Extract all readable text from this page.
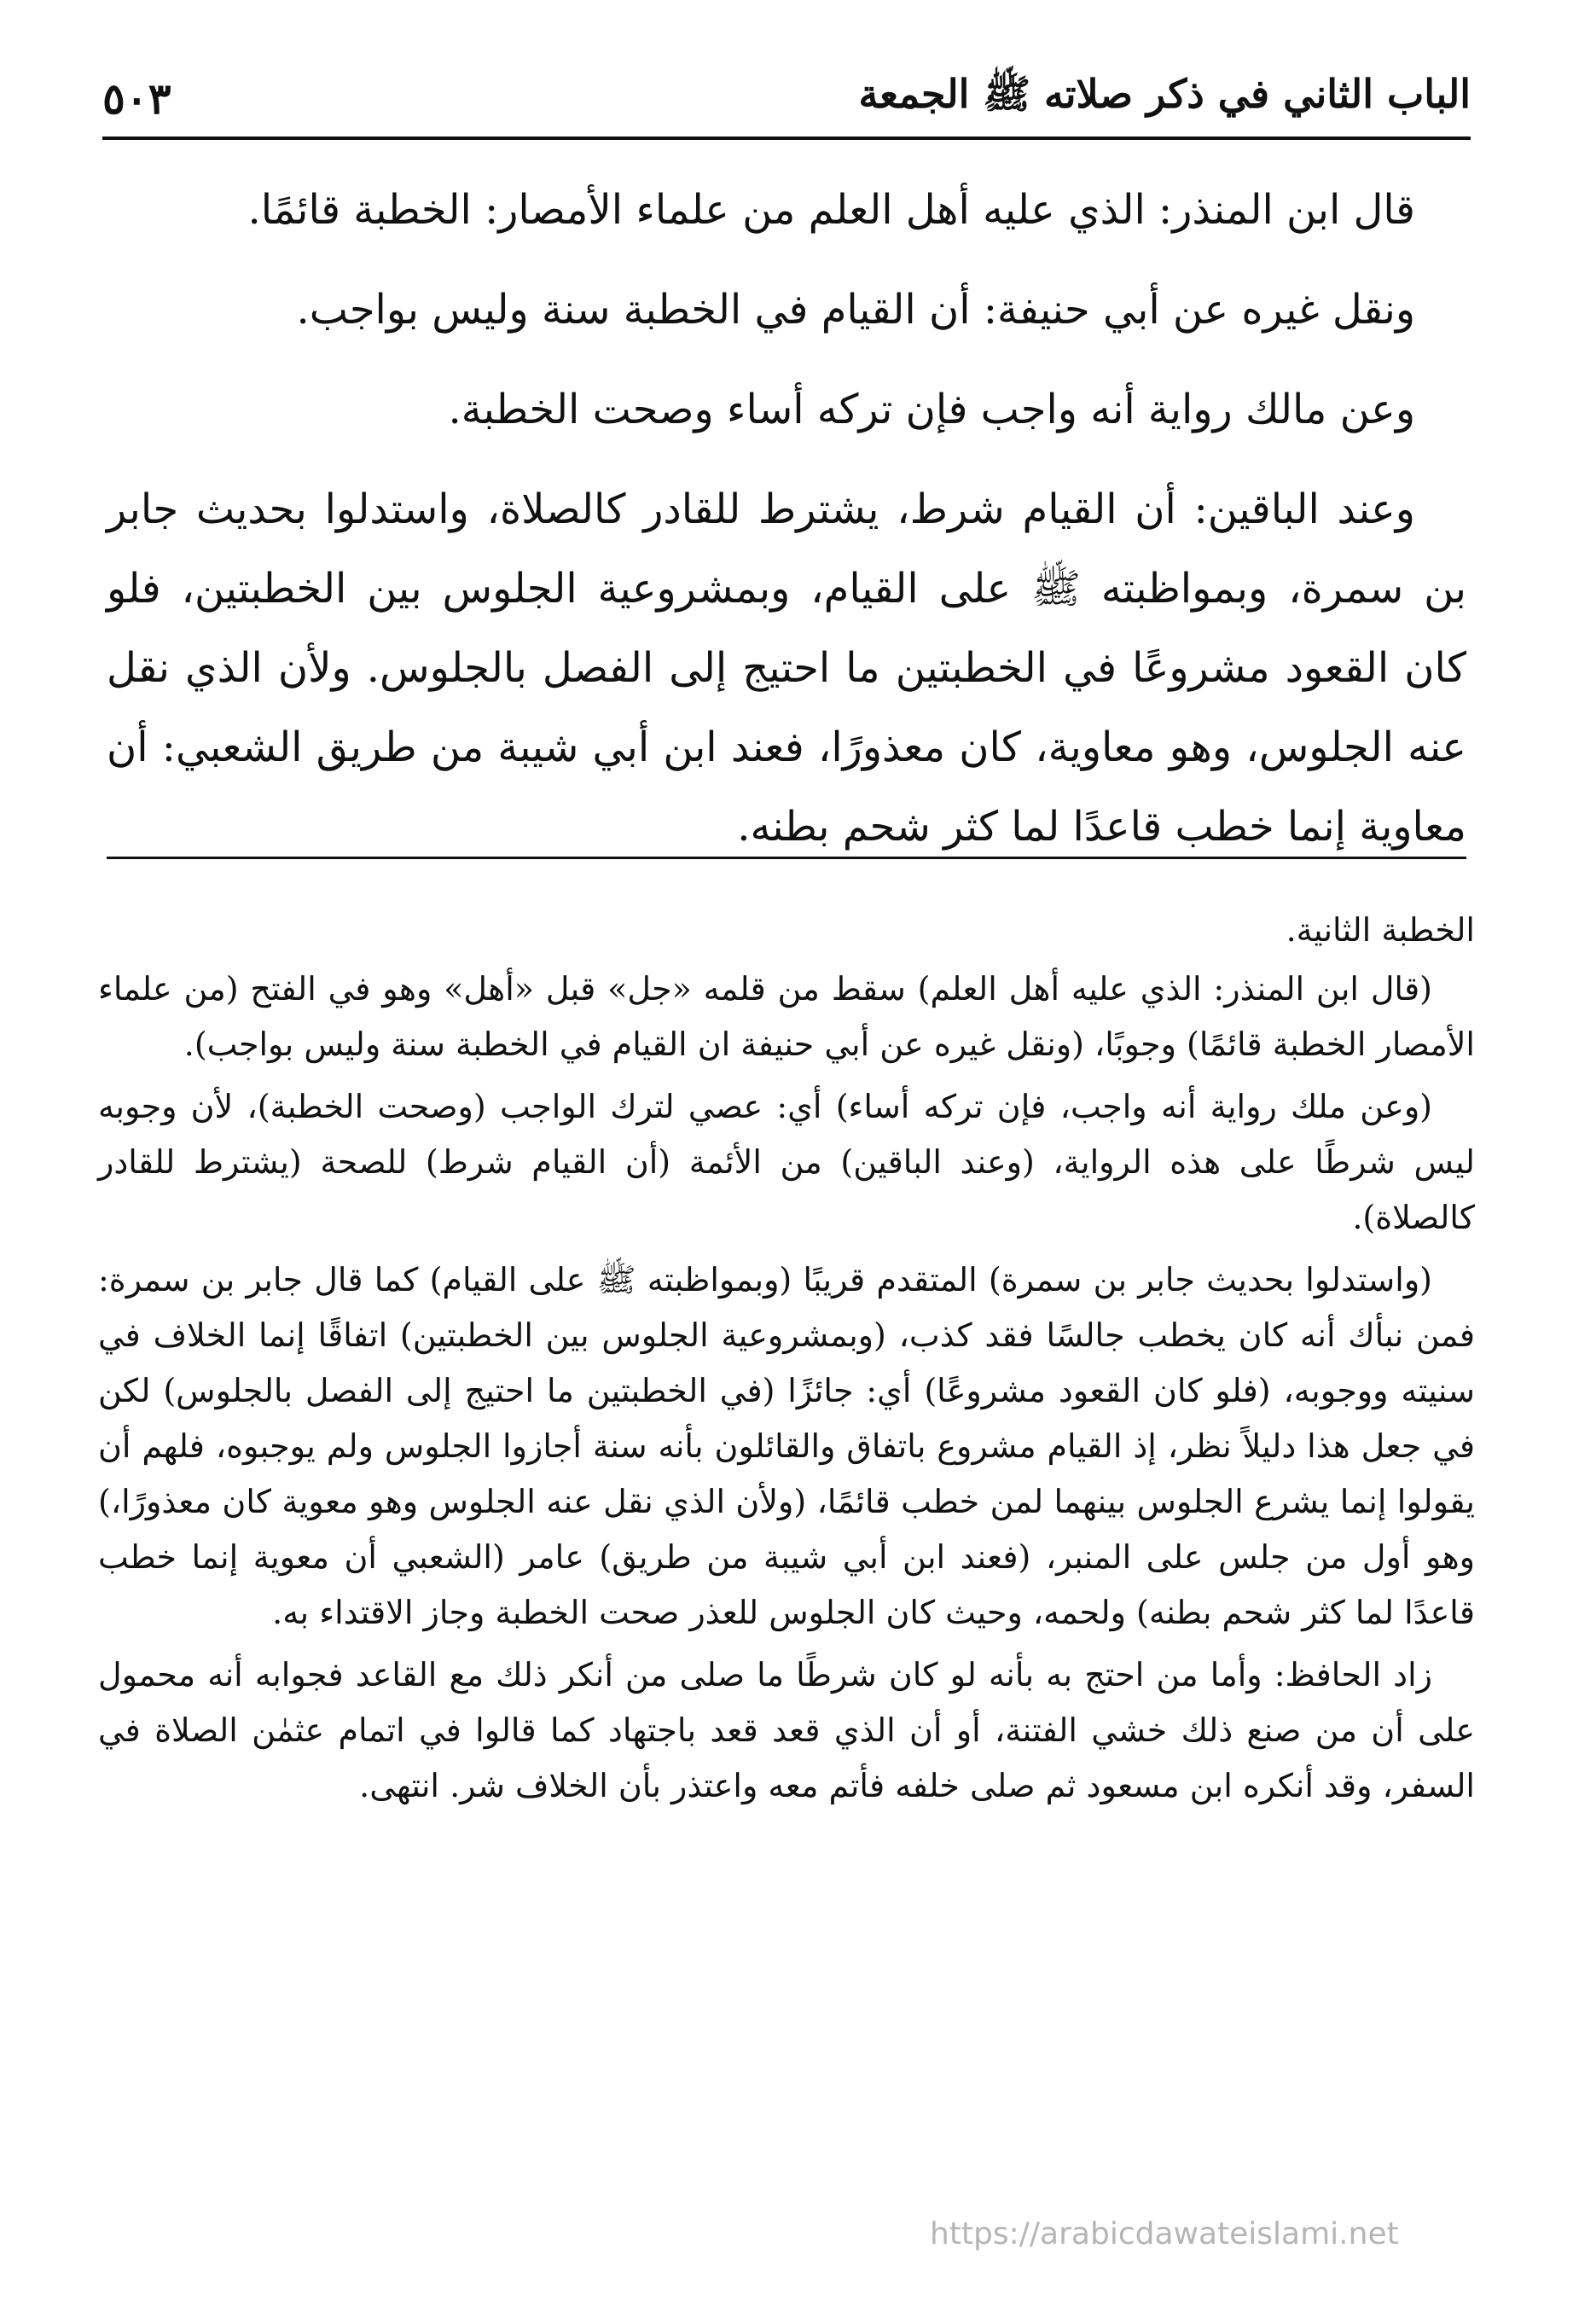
الباب الثاني في ذكر صلاته ﷺ الجمعة
٥٠٣

قال ابن المنذر: الذي عليه أهل العلم من علماء الأمصار: الخطبة قائمًا.

ونقل غيره عن أبي حنيفة: أن القيام في الخطبة سنة وليس بواجب.

وعن مالك رواية أنه واجب فإن تركه أساء وصحت الخطبة.

وعند الباقين: أن القيام شرط، يشترط للقادر كالصلاة، واستدلوا بحديث جابر بن سمرة، وبمواظبته ﷺ على القيام، وبمشروعية الجلوس بين الخطبتين، فلو كان القعود مشروعًا في الخطبتين ما احتيج إلى الفصل بالجلوس. ولأن الذي نقل عنه الجلوس، وهو معاوية، كان معذورًا، فعند ابن أبي شيبة من طريق الشعبي: أن معاوية إنما خطب قاعدًا لما كثر شحم بطنه.

الخطبة الثانية.

(قال ابن المنذر: الذي عليه أهل العلم) سقط من قلمه «جل» قبل «أهل» وهو في الفتح (من علماء الأمصار الخطبة قائمًا) وجوبًا، (ونقل غيره عن أبي حنيفة ان القيام في الخطبة سنة وليس بواجب).

(وعن ملك رواية أنه واجب، فإن تركه أساء) أي: عصي لترك الواجب (وصحت الخطبة)، لأن وجوبه ليس شرطًا على هذه الرواية، (وعند الباقين) من الأئمة (أن القيام شرط) للصحة (يشترط للقادر كالصلاة).

(واستدلوا بحديث جابر بن سمرة) المتقدم قريبًا (وبمواظبته ﷺ على القيام) كما قال جابر بن سمرة: فمن نبأك أنه كان يخطب جالسًا فقد كذب، (وبمشروعية الجلوس بين الخطبتين) اتفاقًا إنما الخلاف في سنيته ووجوبه، (فلو كان القعود مشروعًا) أي: جائزًا (في الخطبتين ما احتيج إلى الفصل بالجلوس) لكن في جعل هذا دليلاً نظر، إذ القيام مشروع باتفاق والقائلون بأنه سنة أجازوا الجلوس ولم يوجبوه، فلهم أن يقولوا إنما يشرع الجلوس بينهما لمن خطب قائمًا، (ولأن الذي نقل عنه الجلوس وهو معوية كان معذورًا،) وهو أول من جلس على المنبر، (فعند ابن أبي شيبة من طريق) عامر (الشعبي أن معوية إنما خطب قاعدًا لما كثر شحم بطنه) ولحمه، وحيث كان الجلوس للعذر صحت الخطبة وجاز الاقتداء به.

زاد الحافظ: وأما من احتج به بأنه لو كان شرطًا ما صلى من أنكر ذلك مع القاعد فجوابه أنه محمول على أن من صنع ذلك خشي الفتنة، أو أن الذي قعد قعد باجتهاد كما قالوا في اتمام عثمٰن الصلاة في السفر، وقد أنكره ابن مسعود ثم صلى خلفه فأتم معه واعتذر بأن الخلاف شر. انتهى.

https://arabicdawateislami.net
